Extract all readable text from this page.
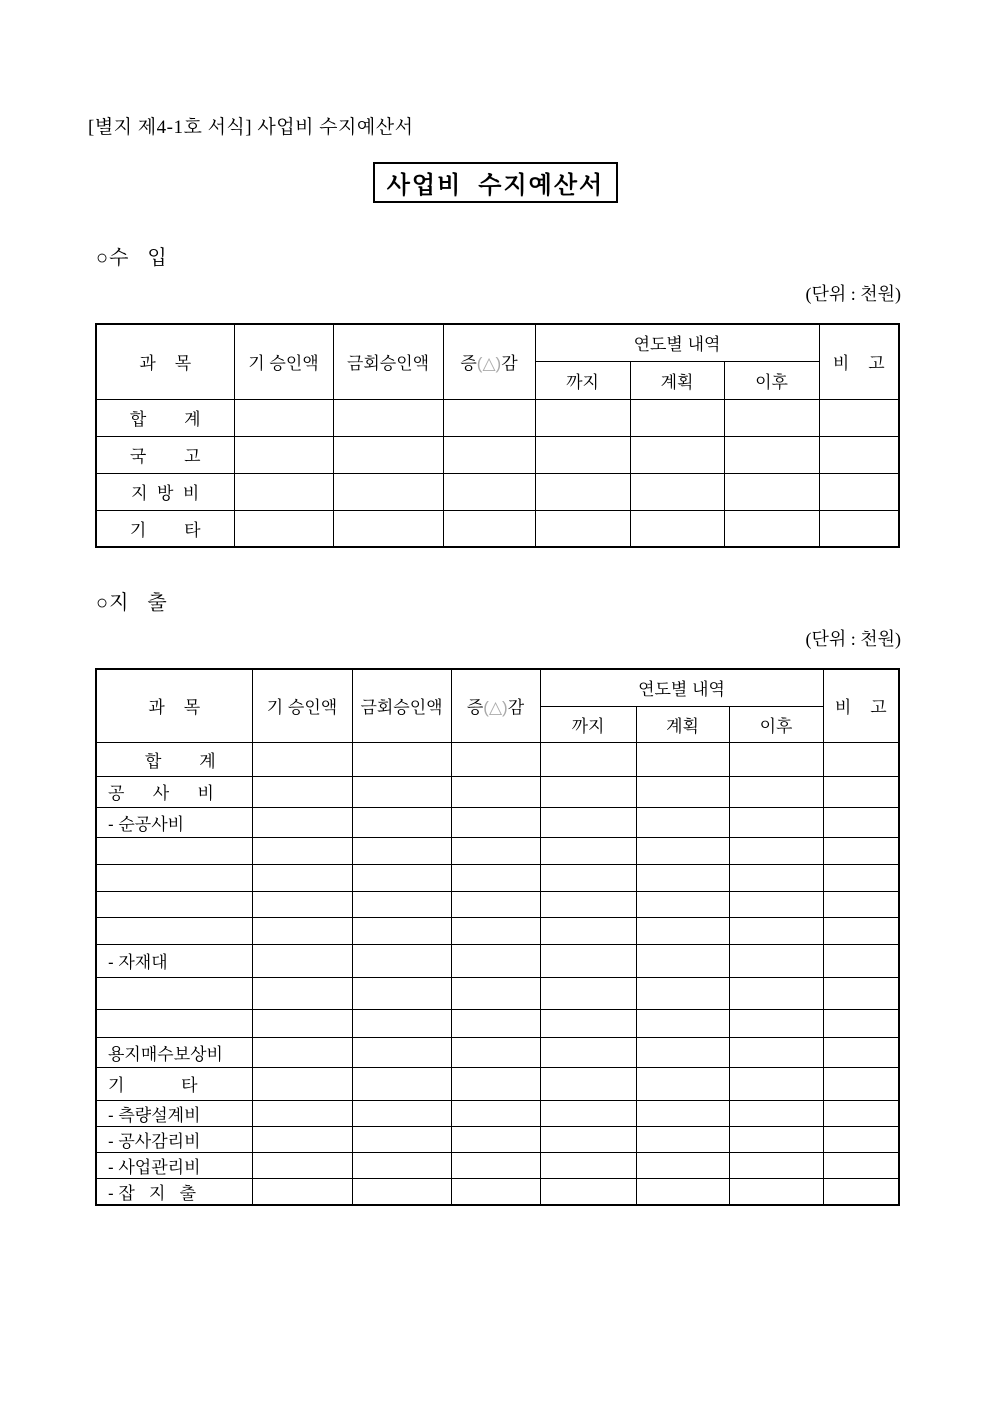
[별지 제4-1호 서식] 사업비 수지예산서
사업비  수지예산서
○수   입
(단위 : 천원)
과    목	기 승인액	금회승인액	증(△)감	연도별 내역			비    고
				까지	계획	이후	
합        계							
국        고							
지  방  비							
기        타							
○지   출
(단위 : 천원)
과    목	기 승인액	금회승인액	증(△)감	연도별 내역			비    고
				까지	계획	이후	
합        계							
공      사      비							
- 순공사비							

- 자재대							

용지매수보상비							
기            타							
- 측량설계비							
- 공사감리비							
- 사업관리비							
- 잡   지   출							
